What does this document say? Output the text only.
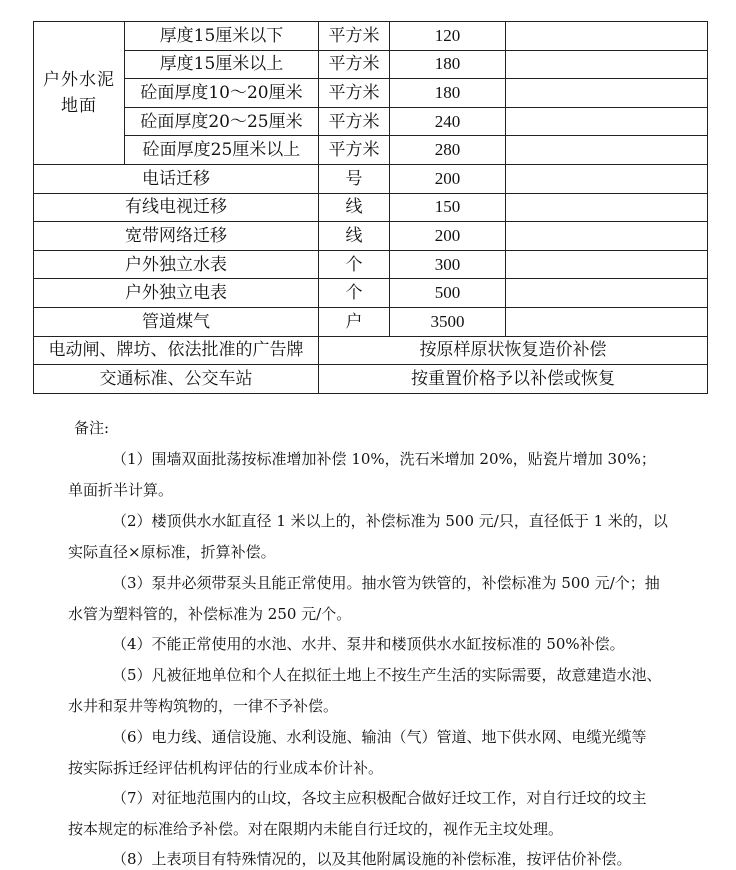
户外水泥
地面	厚度15厘米以下	平方米	120	
	厚度15厘米以上	平方米	180	
	砼面厚度10～20厘米	平方米	180	
	砼面厚度20～25厘米	平方米	240	
	砼面厚度25厘米以上	平方米	280	
电话迁移		号	200	
有线电视迁移		线	150	
宽带网络迁移		线	200	
户外独立水表		个	300	
户外独立电表		个	500	
管道煤气		户	3500	
电动闸、牌坊、依法批准的广告牌		按原样原状恢复造价补偿		
交通标准、公交车站		按重置价格予以补偿或恢复		
备注:

（1）围墙双面批荡按标准增加补偿 10%，洗石米增加 20%，贴瓷片增加 30%；

单面折半计算。

（2）楼顶供水水缸直径 1 米以上的，补偿标准为 500 元/只，直径低于 1 米的，以

实际直径×原标准，折算补偿。

（3）泵井必须带泵头且能正常使用。抽水管为铁管的，补偿标准为 500 元/个；抽

水管为塑料管的，补偿标准为 250 元/个。

（4）不能正常使用的水池、水井、泵井和楼顶供水水缸按标准的 50%补偿。

（5）凡被征地单位和个人在拟征土地上不按生产生活的实际需要，故意建造水池、

水井和泵井等构筑物的，一律不予补偿。

（6）电力线、通信设施、水利设施、输油（气）管道、地下供水网、电缆光缆等

按实际拆迁经评估机构评估的行业成本价计补。

（7）对征地范围内的山坟，各坟主应积极配合做好迁坟工作，对自行迁坟的坟主

按本规定的标准给予补偿。对在限期内未能自行迁坟的，视作无主坟处理。

（8）上表项目有特殊情况的，以及其他附属设施的补偿标准，按评估价补偿。
